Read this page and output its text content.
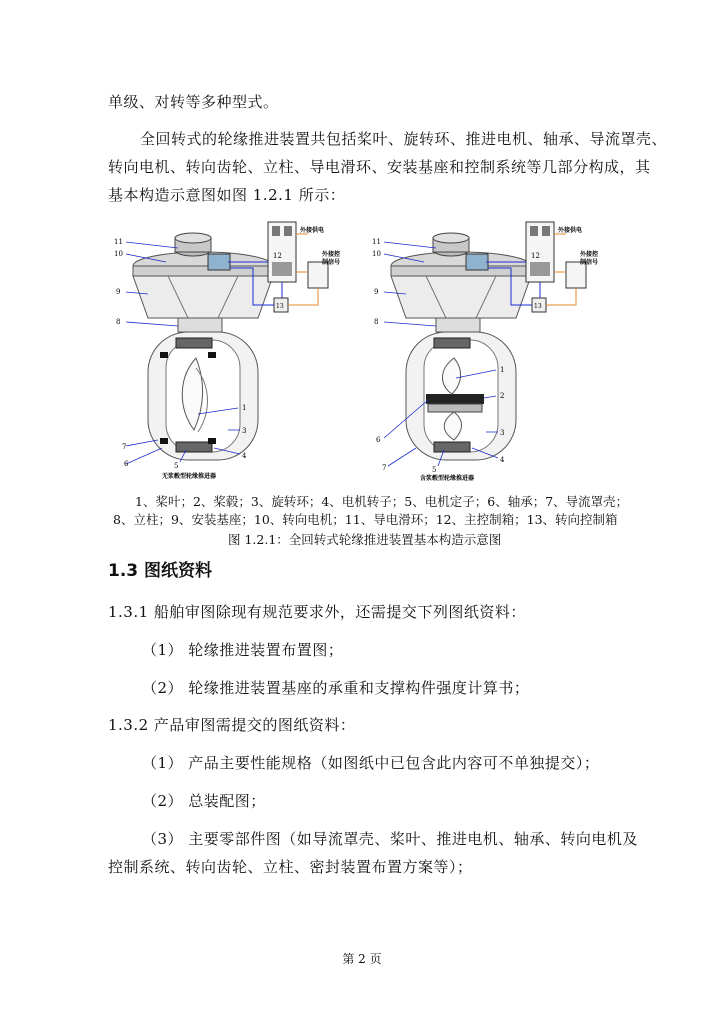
单级、对转等多种型式。
全回转式的轮缘推进装置共包括桨叶、旋转环、推进电机、轴承、导流罩壳、
转向电机、转向齿轮、立柱、导电滑环、安装基座和控制系统等几部分构成，其
基本构造示意图如图 1.2.1 所示：
11
10
9
8
1
3
4
7
6	5
12
13
外接供电
外接控
制信号
无浆毂型轮缘推进器
11
10
9
8
1
2
3
4
6
7	5
12
13
外接供电
外接控
制信号
含浆毂型轮缘推进器
1、桨叶；2、桨毂；3、旋转环；4、电机转子；5、电机定子；6、轴承；7、导流罩壳；
8、立柱；9、安装基座；10、转向电机；11、导电滑环；12、主控制箱；13、转向控制箱
图 1.2.1：全回转式轮缘推进装置基本构造示意图
1.3 图纸资料
1.3.1 船舶审图除现有规范要求外，还需提交下列图纸资料：
（1） 轮缘推进装置布置图；
（2） 轮缘推进装置基座的承重和支撑构件强度计算书；
1.3.2 产品审图需提交的图纸资料：
（1） 产品主要性能规格（如图纸中已包含此内容可不单独提交）；
（2） 总装配图；
（3） 主要零部件图（如导流罩壳、桨叶、推进电机、轴承、转向电机及
控制系统、转向齿轮、立柱、密封装置布置方案等）；
第 2 页
